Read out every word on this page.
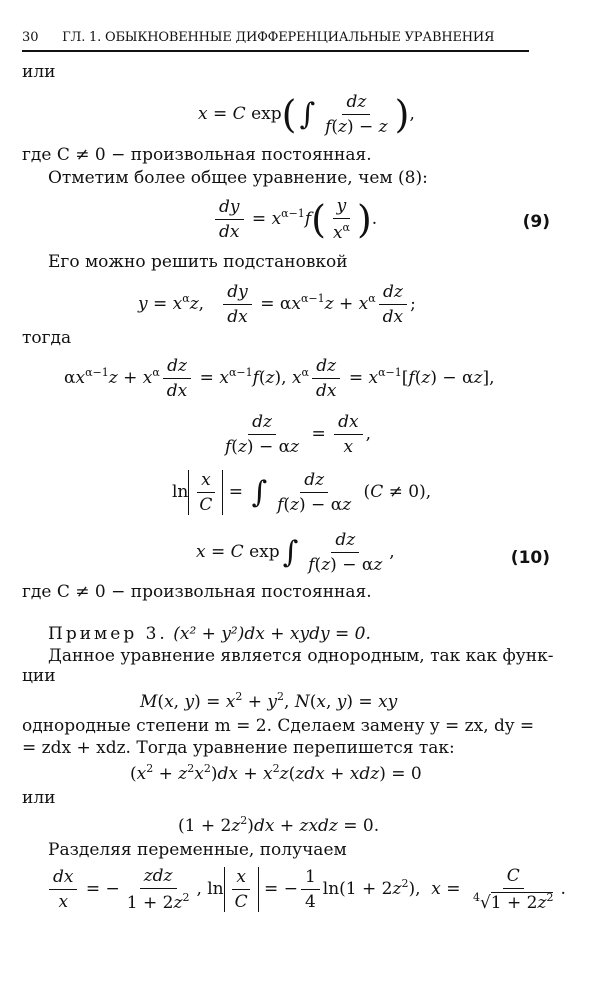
30 ГЛ. 1. ОБЫКНОВЕННЫЕ ДИФФЕРЕНЦИАЛЬНЫЕ УРАВНЕНИЯ
или
x = C exp( ∫ $\frac{dz}{f(z) - z}$ ),
где C ≠ 0 − произвольная постоянная.
Отметим более общее уравнение, чем (8):
$\frac{dy}{dx} = x^{\alpha-1}f( \frac{y}{x^\alpha}$ ).	(9)
Его можно решить подстановкой
$y = x^\alpha z$, $\frac{dy}{dx} = \alpha x^{\alpha-1}z + x^\alpha \frac{dz}{dx}$ ;
тогда
$\alpha x^{\alpha-1}z + x^\alpha \frac{dz}{dx} = x^{\alpha-1}f(z)$, $x^\alpha \frac{dz}{dx} = x^{\alpha-1}[f(z) - \alpha z]$,
$\frac{dz}{f(z) - \alpha z} = \frac{dx}{x}$ ,
$\ln \frac{x}{C}$ = ∫ $\frac{dz}{f(z) - \alpha z} (C \ne 0)$,
x = C exp ∫ $\frac{dz}{f(z) - \alpha z}$ ,	(10)
где C ≠ 0 − произвольная постоянная.
Пример 3. (x² + y²)dx + xydy = 0.
Данное уравнение является однородным, так как функ-
ции
M(x, $y) = x^2 + y^2$, N(x, y) = xy
однородные степени m = 2. Сделаем замену y = zx, dy =
= zdx + xdz. Тогда уравнение перепишется так:
$(x^2 + z^2x^2)dx + x^2z(zdx + xdz) = 0$
или
$(1 + 2z^2)dx$ + zxdz = 0.
Разделяя переменные, получаем
$\frac{dx}{x}$ = − $\frac{\text{zdz}}{1 + 2z^2}$ , $\ln \frac{x}{C}$ = − $\frac{1}{4} \ln(1 + 2z^2)$,  $x = \frac{C}{^4√1 + 2z^2}$ .
